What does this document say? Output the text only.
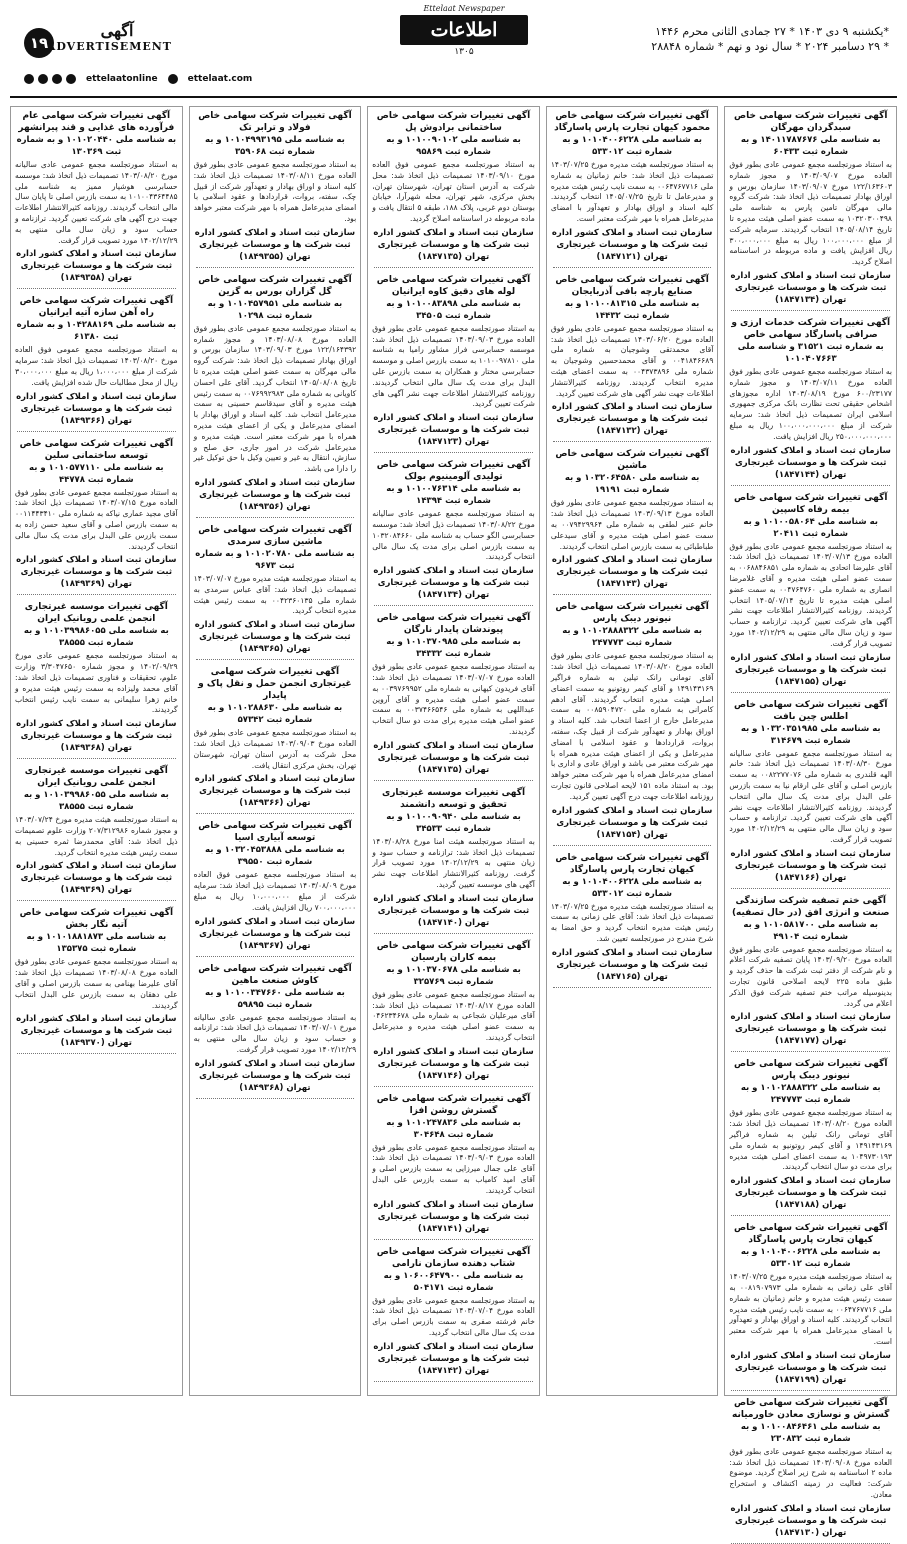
۱۹
آگهی
ADVERTISEMENT
Ettelaat Newspaper
اطلاعات
۱۳۰۵
*یکشنبه ۹ دی ۱۴۰۳ * ۲۷ جمادی الثانی محرم ۱۴۴۶
* ۲۹ دسامبر ۲۰۲۴ * سال نود و نهم * شماره ۲۸۸۴۸
ettelaatonline	ettelaat.com
آگهی تغییرات شرکت سهامی خاص سبدگردان مهرگان
به شناسه ملی ۱۴۰۱۱۷۸۷۶۷۶ و به شماره ثبت ۶۰۴۳۳
به استناد صورتجلسه مجمع عمومی عادی بطور فوق العاده مورخ ۱۴۰۳/۰۹/۰۷ و مجوز شماره ۱۲۲/۱۶۳۶۰۳ مورخ ۱۴۰۳/۰۹/۰۷ سازمان بورس و اوراق بهادار تصمیمات ذیل اتخاذ شد: شرکت گروه مالی مهرگان تامین پارس به شناسه ملی ۱۰۳۲۰۳۰۰۴۹۸ به سمت عضو اصلی هیئت مدیره تا تاریخ ۱۴۰۵/۰۸/۱۴ انتخاب گردیدند. سرمایه شرکت از مبلغ ۱۰۰،۰۰۰،۰۰۰ ریال به مبلغ ۳۰۰،۰۰۰،۰۰۰ ریال افزایش یافت و ماده مربوطه در اساسنامه اصلاح گردید.
سازمان ثبت اسناد و املاک کشور اداره ثبت شرکت ها و موسسات غیرتجاری تهران (۱۸۴۷۱۳۴)
آگهی تغییرات شرکت خدمات ارزی و صرافی پاسارگاد سهامی خاص
به شماره ثبت ۳۱۵۲۱ و شناسه ملی ۱۰۱۰۴۰۷۶۶۳
به استناد صورتجلسه مجمع عمومی عادی بطور فوق العاده مورخ ۱۴۰۳/۰۷/۱۱ و مجوز شماره ۶۰۰/۲۳۱۷۷ مورخ ۱۴۰۳/۰۸/۱۹ اداره مجوزهای اشخاص حقیقی تحت نظارت بانک مرکزی جمهوری اسلامی ایران تصمیمات ذیل اتخاذ شد: سرمایه شرکت از مبلغ ۱۰۰،۰۰۰،۰۰۰،۰۰۰ ریال به مبلغ ۲۵۰،۰۰۰،۰۰۰،۰۰۰ ریال افزایش یافت.
سازمان ثبت اسناد و املاک کشور اداره ثبت شرکت ها و موسسات غیرتجاری تهران (۱۸۴۷۱۴۴)
آگهی تغییرات شرکت سهامی خاص بیمه رفاه کاسپین
به شناسه ملی ۱۰۱۰۰۵۸۰۶۴ و به شماره ثبت ۲۰۴۱۱
به استناد صورتجلسه مجمع عمومی عادی بطور فوق العاده مورخ ۱۴۰۳/۰۷/۱۳ تصمیمات ذیل اتخاذ شد: آقای علیرضا اتحادی به شماره ملی ۰۰۶۸۸۴۶۸۵۱ به سمت عضو اصلی هیئت مدیره و آقای غلامرضا انصاری به شماره ملی ۰۰۴۷۶۴۷۶۰ به سمت عضو اصلی هیئت مدیره تا تاریخ ۱۴۰۵/۰۷/۱۴ انتخاب گردیدند. روزنامه کثیرالانتشار اطلاعات جهت نشر آگهی های شرکت تعیین گردید. ترازنامه و حساب سود و زیان سال مالی منتهی به ۱۴۰۲/۱۲/۲۹ مورد تصویب قرار گرفت.
سازمان ثبت اسناد و املاک کشور اداره ثبت شرکت ها و موسسات غیرتجاری تهران (۱۸۴۷۱۵۵)
آگهی تغییرات شرکت سهامی خاص اطلس چین بافت
به شناسه ملی ۱۰۳۲۰۳۵۱۹۸۵ و به شماره ثبت ۳۱۴۶۷۹
به استناد صورتجلسه مجمع عمومی عادی سالیانه مورخ ۱۴۰۳/۰۸/۳۰ تصمیمات ذیل اتخاذ شد: خانم الهه قلندری به شماره ملی ۰۰۸۲۲۷۷۰۷۶ به سمت بازرس اصلی و آقای علی ارقام نیا به سمت بازرس علی البدل برای مدت یک سال مالی انتخاب گردیدند. روزنامه کثیرالانتشار اطلاعات جهت نشر آگهی های شرکت تعیین گردید. ترازنامه و حساب سود و زیان سال مالی منتهی به ۱۴۰۲/۱۲/۲۹ مورد تصویب قرار گرفت.
سازمان ثبت اسناد و املاک کشور اداره ثبت شرکت ها و موسسات غیرتجاری تهران (۱۸۴۷۱۶۶)
آگهی ختم تصفیه شرکت سازندگی صنعت و انرژی افق (در حال تصفیه)
به شناسه ملی ۱۰۱۰۵۸۱۷۰۰ و به شماره ثبت ۴۹۱۰۴
به استناد صورتجلسه مجمع عمومی عادی بطور فوق العاده مورخ ۱۴۰۳/۰۹/۲۰ پایان تصفیه شرکت اعلام و نام شرکت از دفتر ثبت شرکت ها حذف گردید و طبق ماده ۲۲۵ لایحه اصلاحی قانون تجارت بدینوسیله مراتب ختم تصفیه شرکت فوق الذکر اعلام می گردد.
سازمان ثبت اسناد و املاک کشور اداره ثبت شرکت ها و موسسات غیرتجاری تهران (۱۸۴۷۱۷۷)
آگهی تغییرات شرکت سهامی خاص نیونور دیبک پارس
به شناسه ملی ۱۰۱۰۲۸۸۸۳۲۲ و به شماره ثبت ۲۴۷۷۷۳
به استناد صورتجلسه مجمع عمومی عادی بطور فوق العاده مورخ ۱۴۰۳/۰۸/۲۰ تصمیمات ذیل اتخاذ شد: آقای تومانی رانک تیلین به شماره فراگیر ۱۴۹۱۴۳۱۶۹ و آقای کیمر روتونیو به شماره ملی ۱۰۴۹۷۳۰۱۹۳ به سمت اعضای اصلی هیئت مدیره برای مدت دو سال انتخاب گردیدند.
سازمان ثبت اسناد و املاک کشور اداره ثبت شرکت ها و موسسات غیرتجاری تهران (۱۸۴۷۱۸۸)
آگهی تغییرات شرکت سهامی خاص کیهان تجارت پارس پاسارگاد
به شناسه ملی ۱۰۱۰۴۰۰۶۲۲۸ و به شماره ثبت ۵۳۳۰۱۲
به استناد صورتجلسه هیئت مدیره مورخ ۱۴۰۳/۰۷/۲۵ آقای علی زمانی به شماره ملی ۰۰۸۱۹۰۷۹۷۳ به سمت رئیس هیئت مدیره و خانم زمانیان به شماره ملی ۰۰۶۴۷۶۷۷۱۶ به سمت نایب رئیس هیئت مدیره انتخاب گردیدند. کلیه اسناد و اوراق بهادار و تعهدآور با امضای مدیرعامل همراه با مهر شرکت معتبر است.
سازمان ثبت اسناد و املاک کشور اداره ثبت شرکت ها و موسسات غیرتجاری تهران (۱۸۴۷۱۹۹)
آگهی تغییرات شرکت سهامی خاص گسترش و نوسازی معادن خاورمیانه
به شناسه ملی ۱۰۱۰۰۸۴۶۴۶۱ و به شماره ثبت ۲۳۰۸۳۲
به استناد صورتجلسه مجمع عمومی عادی بطور فوق العاده مورخ ۱۴۰۳/۰۹/۰۸ تصمیمات ذیل اتخاذ شد: ماده ۲ اساسنامه به شرح زیر اصلاح گردید. موضوع شرکت: فعالیت در زمینه اکتشاف و استخراج معادن.
سازمان ثبت اسناد و املاک کشور اداره ثبت شرکت ها و موسسات غیرتجاری تهران (۱۸۴۷۱۳۰)
آگهی تغییرات شرکت سهامی خاص محمود کیهان تجارت پارس پاسارگاد
به شناسه ملی ۱۰۱۰۴۰۰۶۲۲۸ و به شماره ثبت ۵۳۳۰۱۲
به استناد صورتجلسه هیئت مدیره مورخ ۱۴۰۳/۰۷/۲۵ تصمیمات ذیل اتخاذ شد: خانم زمانیان به شماره ملی ۰۰۶۴۷۶۷۷۱۶ به سمت نایب رئیس هیئت مدیره و مدیرعامل تا تاریخ ۱۴۰۵/۰۷/۲۵ انتخاب گردیدند. کلیه اسناد و اوراق بهادار و تعهدآور با امضای مدیرعامل همراه با مهر شرکت معتبر است.
سازمان ثبت اسناد و املاک کشور اداره ثبت شرکت ها و موسسات غیرتجاری تهران (۱۸۴۷۱۲۱)
آگهی تغییرات شرکت سهامی خاص صنایع پارچه بافی آذربایجان
به شناسه ملی ۱۰۱۰۰۸۱۳۱۵ و به شماره ثبت ۱۴۴۳۲
به استناد صورتجلسه مجمع عمومی عادی بطور فوق العاده مورخ ۱۴۰۳/۰۶/۲۰ تصمیمات ذیل اتخاذ شد: آقای محمدتقی وشوجیان به شماره ملی ۰۰۴۱۸۴۶۶۸۹ و آقای محمدحسین وشوجیان به شماره ملی ۰۰۴۳۷۳۸۹۶ به سمت اعضای هیئت مدیره انتخاب گردیدند. روزنامه کثیرالانتشار اطلاعات جهت نشر آگهی های شرکت تعیین گردید.
سازمان ثبت اسناد و املاک کشور اداره ثبت شرکت ها و موسسات غیرتجاری تهران (۱۸۴۷۱۳۲)
آگهی تغییرات شرکت سهامی خاص ماشین
به شناسه ملی ۱۰۳۲۰۶۴۵۸۰ و به شماره ثبت ۱۹۱۹۱
به استناد صورتجلسه مجمع عمومی عادی بطور فوق العاده مورخ ۱۴۰۳/۰۹/۱۳ تصمیمات ذیل اتخاذ شد: خانم عنبر لطفی به شماره ملی ۰۰۷۹۴۲۹۹۶۴ به سمت عضو اصلی هیئت مدیره و آقای سیدعلی طباطبائی به سمت بازرس اصلی انتخاب گردیدند.
سازمان ثبت اسناد و املاک کشور اداره ثبت شرکت ها و موسسات غیرتجاری تهران (۱۸۴۷۱۴۳)
آگهی تغییرات شرکت سهامی خاص نیونور دیبک پارس
به شناسه ملی ۱۰۱۰۲۸۸۸۳۲۲ و به شماره ثبت ۲۴۷۷۷۳
به استناد صورتجلسه مجمع عمومی عادی بطور فوق العاده مورخ ۱۴۰۳/۰۸/۲۰ تصمیمات ذیل اتخاذ شد: آقای تومانی رانک تیلین به شماره فراگیر ۱۴۹۱۴۳۱۶۹ و آقای کیمر روتونیو به سمت اعضای اصلی هیئت مدیره انتخاب گردیدند. آقای ادهم کامرانی به شماره ملی ۰۰۸۵۹۰۴۷۲۰ به سمت مدیرعامل خارج از اعضا انتخاب شد. کلیه اسناد و اوراق بهادار و تعهدآور شرکت از قبیل چک، سفته، بروات، قراردادها و عقود اسلامی با امضای مدیرعامل و یکی از اعضای هیئت مدیره همراه با مهر شرکت معتبر می باشد و اوراق عادی و اداری با امضای مدیرعامل همراه با مهر شرکت معتبر خواهد بود. به استناد ماده ۱۵۱ لایحه اصلاحی قانون تجارت روزنامه اطلاعات جهت درج آگهی تعیین گردید.
سازمان ثبت اسناد و املاک کشور اداره ثبت شرکت ها و موسسات غیرتجاری تهران (۱۸۴۷۱۵۴)
آگهی تغییرات شرکت سهامی خاص کیهان تجارت پارس پاسارگاد
به شناسه ملی ۱۰۱۰۴۰۰۶۲۲۸ و به شماره ثبت ۵۳۳۰۱۲
به استناد صورتجلسه هیئت مدیره مورخ ۱۴۰۳/۰۷/۲۵ تصمیمات ذیل اتخاذ شد: آقای علی زمانی به سمت رئیس هیئت مدیره انتخاب گردید و حق امضا به شرح مندرج در صورتجلسه تعیین شد.
سازمان ثبت اسناد و املاک کشور اداره ثبت شرکت ها و موسسات غیرتجاری تهران (۱۸۴۷۱۶۵)
آگهی تغییرات شرکت سهامی خاص ساختمانی برادوش پل
به شناسه ملی ۱۰۱۰۰۹۰۱۰۲ و به شماره ثبت ۹۵۸۶۹
به استناد صورتجلسه مجمع عمومی فوق العاده مورخ ۱۴۰۳/۰۹/۱۰ تصمیمات ذیل اتخاذ شد: محل شرکت به آدرس استان تهران، شهرستان تهران، بخش مرکزی، شهر تهران، محله شهرآرا، خیابان بوستان دوم غربی، پلاک ۱۸۸، طبقه ۵ انتقال یافت و ماده مربوطه در اساسنامه اصلاح گردید.
سازمان ثبت اسناد و املاک کشور اداره ثبت شرکت ها و موسسات غیرتجاری تهران (۱۸۴۷۱۳۵)
آگهی تغییرات شرکت سهامی خاص لوله های دقیق کاوه ایرانیان
به شناسه ملی ۱۰۱۰۰۸۳۸۹۸ و به شماره ثبت ۳۴۵۰۵
به استناد صورتجلسه مجمع عمومی عادی بطور فوق العاده مورخ ۱۴۰۳/۰۹/۰۳ تصمیمات ذیل اتخاذ شد: موسسه حسابرسی فراز مشاور رامیا به شناسه ملی ۱۰۱۰۰۹۷۸۱۰ به سمت بازرس اصلی و موسسه حسابرسی مختار و همکاران به سمت بازرس علی البدل برای مدت یک سال مالی انتخاب گردیدند. روزنامه کثیرالانتشار اطلاعات جهت نشر آگهی های شرکت تعیین گردید.
سازمان ثبت اسناد و املاک کشور اداره ثبت شرکت ها و موسسات غیرتجاری تهران (۱۸۴۷۱۲۳)
آگهی تغییرات شرکت سهامی خاص تولیدی آلومینیوم بولک
به شناسه ملی ۱۰۱۰۰۷۶۳۱۴ و به شماره ثبت ۱۴۳۹۴
به استناد صورتجلسه مجمع عمومی عادی سالیانه مورخ ۱۴۰۳/۰۸/۲۲ تصمیمات ذیل اتخاذ شد: موسسه حسابرسی الگو حساب به شناسه ملی ۱۰۳۲۰۸۴۶۶۰ به سمت بازرس اصلی برای مدت یک سال مالی انتخاب گردیدند.
سازمان ثبت اسناد و املاک کشور اداره ثبت شرکت ها و موسسات غیرتجاری تهران (۱۸۴۷۱۳۴)
آگهی تغییرات شرکت سهامی خاص پیوندشان پایدار نارگان
به شناسه ملی ۱۰۱۰۳۷۰۹۸۵ و به شماره ثبت ۳۴۳۳۲
به استناد صورتجلسه مجمع عمومی عادی بطور فوق العاده مورخ ۱۴۰۳/۰۷/۰۷ تصمیمات ذیل اتخاذ شد: آقای فریدون کیهانی به شماره ملی ۰۰۳۹۷۶۹۹۵۲ به سمت عضو اصلی هیئت مدیره و آقای آروین عبداللهی به شماره ملی ۰۰۳۷۴۶۶۵۴۶ به سمت عضو اصلی هیئت مدیره برای مدت دو سال انتخاب گردیدند.
سازمان ثبت اسناد و املاک کشور اداره ثبت شرکت ها و موسسات غیرتجاری تهران (۱۸۴۷۱۳۵)
آگهی تغییرات موسسه غیرتجاری تحقیق و توسعه دانشمند
به شناسه ملی ۱۰۱۰۰۹۰۹۴۰ و به شماره ثبت ۳۴۵۳۳
به استناد صورتجلسه هیئت امنا مورخ ۱۴۰۳/۰۸/۲۸ تصمیمات ذیل اتخاذ شد: ترازنامه و حساب سود و زیان منتهی به ۱۴۰۲/۱۲/۲۹ مورد تصویب قرار گرفت. روزنامه کثیرالانتشار اطلاعات جهت نشر آگهی های موسسه تعیین گردید.
سازمان ثبت اسناد و املاک کشور اداره ثبت شرکت ها و موسسات غیرتجاری تهران (۱۸۴۷۱۴۰)
آگهی تغییرات شرکت سهامی خاص بیمه کاران پارسیان
به شناسه ملی ۱۰۱۰۳۷۰۶۷۸ و به شماره ثبت ۳۲۵۷۶۹
به استناد صورتجلسه مجمع عمومی عادی بطور فوق العاده مورخ ۱۴۰۳/۰۸/۱۷ تصمیمات ذیل اتخاذ شد: آقای میرعلیان شجاعی به شماره ملی ۰۴۶۲۳۴۶۷۸ به سمت عضو اصلی هیئت مدیره و مدیرعامل انتخاب گردیدند.
سازمان ثبت اسناد و املاک کشور اداره ثبت شرکت ها و موسسات غیرتجاری تهران (۱۸۴۷۱۴۶)
آگهی تغییرات شرکت سهامی خاص گسترش روشن افزا
به شناسه ملی ۱۰۱۰۲۴۷۸۳۶ و به شماره ثبت ۳۰۴۶۴۸
به استناد صورتجلسه مجمع عمومی عادی بطور فوق العاده مورخ ۱۴۰۳/۰۹/۰۳ تصمیمات ذیل اتخاذ شد: آقای علی جمال میرزایی به سمت بازرس اصلی و آقای امید کامیاب به سمت بازرس علی البدل انتخاب گردیدند.
سازمان ثبت اسناد و املاک کشور اداره ثبت شرکت ها و موسسات غیرتجاری تهران (۱۸۴۷۱۴۱)
آگهی تغییرات شرکت سهامی خاص شتاب دهنده سازمان نارامی
به شناسه ملی ۱۰۶۰۰۶۴۷۹۰۰ و به شماره ثبت ۵۰۴۱۷۱
به استناد صورتجلسه مجمع عمومی عادی بطور فوق العاده مورخ ۱۴۰۳/۰۷/۰۴ تصمیمات ذیل اتخاذ شد: خانم فرشته صفری به سمت بازرس اصلی برای مدت یک سال مالی انتخاب گردید.
سازمان ثبت اسناد و املاک کشور اداره ثبت شرکت ها و موسسات غیرتجاری تهران (۱۸۴۷۱۴۲)
آگهی تغییرات شرکت سهامی خاص فولاد و ترابر تک
به شناسه ملی ۱۰۱۰۴۹۹۳۱۹۵ و به شماره ثبت ۳۵۹۰۶۸
به استناد صورتجلسه مجمع عمومی عادی بطور فوق العاده مورخ ۱۴۰۳/۰۸/۱۱ تصمیمات ذیل اتخاذ شد: کلیه اسناد و اوراق بهادار و تعهدآور شرکت از قبیل چک، سفته، بروات، قراردادها و عقود اسلامی با امضای مدیرعامل همراه با مهر شرکت معتبر خواهد بود.
سازمان ثبت اسناد و املاک کشور اداره ثبت شرکت ها و موسسات غیرتجاری تهران (۱۸۴۹۳۵۵)
آگهی تغییرات شرکت سهامی خاص گل گزاران بورس به گزین
به شناسه ملی ۱۰۱۰۴۵۷۹۵۱ و به شماره ثبت ۱۰۲۹۸
به استناد صورتجلسه مجمع عمومی عادی بطور فوق العاده مورخ ۱۴۰۳/۰۸/۰۸ و مجوز شماره ۱۲۲/۱۶۴۳۹۲ مورخ ۱۴۰۳/۰۹/۰۳ سازمان بورس و اوراق بهادار تصمیمات ذیل اتخاذ شد: شرکت گروه مالی مهرگان به سمت عضو اصلی هیئت مدیره تا تاریخ ۱۴۰۵/۰۸/۰۸ انتخاب گردید. آقای علی احسان کاویانی به شماره ملی ۰۰۷۶۹۹۲۹۸۳ به سمت رئیس هیئت مدیره و آقای سیدقاسم حسینی به سمت مدیرعامل انتخاب شد. کلیه اسناد و اوراق بهادار با امضای مدیرعامل و یکی از اعضای هیئت مدیره همراه با مهر شرکت معتبر است. هیئت مدیره و مدیرعامل شرکت در امور جاری، حق صلح و سازش، انتقال به غیر و تعیین وکیل با حق توکیل غیر را دارا می باشد.
سازمان ثبت اسناد و املاک کشور اداره ثبت شرکت ها و موسسات غیرتجاری تهران (۱۸۴۹۳۵۶)
آگهی تغییرات شرکت سهامی خاص ماشین سازی سرمدی
به شناسه ملی ۱۰۱۰۲۰۷۸۰ و به شماره ثبت ۹۶۷۳
به استناد صورتجلسه هیئت مدیره مورخ ۱۴۰۳/۰۷/۰۷ تصمیمات ذیل اتخاذ شد: آقای عباس سرمدی به شماره ملی ۰۰۴۲۳۶۰۱۳۵ به سمت رئیس هیئت مدیره انتخاب گردید.
سازمان ثبت اسناد و املاک کشور اداره ثبت شرکت ها و موسسات غیرتجاری تهران (۱۸۴۹۳۶۵)
آگهی تغییرات شرکت سهامی غیرتجاری انجمن حمل و نقل پاک و پایدار
به شناسه ملی ۱۰۱۰۲۸۸۶۳۰ و به شماره ثبت ۵۷۳۴۲
به استناد صورتجلسه مجمع عمومی عادی بطور فوق العاده مورخ ۱۴۰۳/۰۹/۰۳ تصمیمات ذیل اتخاذ شد: محل شرکت به آدرس استان تهران، شهرستان تهران، بخش مرکزی انتقال یافت.
سازمان ثبت اسناد و املاک کشور اداره ثبت شرکت ها و موسسات غیرتجاری تهران (۱۸۴۹۳۶۶)
آگهی تغییرات شرکت سهامی خاص توسعه آبیاری اسیا
به شناسه ملی ۱۰۳۲۰۴۵۳۸۸۸ و به شماره ثبت ۳۹۵۵۰
به استناد صورتجلسه مجمع عمومی فوق العاده مورخ ۱۴۰۳/۰۸/۰۹ تصمیمات ذیل اتخاذ شد: سرمایه شرکت از مبلغ ۱۰،۰۰۰،۰۰۰ ریال به مبلغ ۷۰۰،۰۰۰،۰۰۰ ریال افزایش یافت.
سازمان ثبت اسناد و املاک کشور اداره ثبت شرکت ها و موسسات غیرتجاری تهران (۱۸۴۹۳۶۷)
آگهی تغییرات شرکت سهامی خاص کاوش صنعت ماهین
به شناسه ملی ۱۰۱۰۰۳۴۷۶۶۰ و به شماره ثبت ۵۹۸۹۵
به استناد صورتجلسه مجمع عمومی عادی سالیانه مورخ ۱۴۰۳/۰۷/۰۱ تصمیمات ذیل اتخاذ شد: ترازنامه و حساب سود و زیان سال مالی منتهی به ۱۴۰۲/۱۲/۲۹ مورد تصویب قرار گرفت.
سازمان ثبت اسناد و املاک کشور اداره ثبت شرکت ها و موسسات غیرتجاری تهران (۱۸۴۹۳۶۸)
آگهی تغییرات شرکت سهامی عام فرآورده های غذایی و قند پیرانشهر
به شناسه ملی ۱۰۱۰۲۰۴۴۰ و به شماره ثبت ۱۳۰۳۶۹
به استناد صورتجلسه مجمع عمومی عادی سالیانه مورخ ۱۴۰۳/۰۸/۲۰ تصمیمات ذیل اتخاذ شد: موسسه حسابرسی هوشیار ممیز به شناسه ملی ۱۰۱۰۰۴۳۶۴۴۸۵ به سمت بازرس اصلی تا پایان سال مالی انتخاب گردیدند. روزنامه کثیرالانتشار اطلاعات جهت درج آگهی های شرکت تعیین گردید. ترازنامه و حساب سود و زیان سال مالی منتهی به ۱۴۰۲/۱۲/۲۹ مورد تصویب قرار گرفت.
سازمان ثبت اسناد و املاک کشور اداره ثبت شرکت ها و موسسات غیرتجاری تهران (۱۸۴۹۳۵۸)
آگهی تغییرات شرکت سهامی خاص راه آهن سازه آتیه ایرانیان
به شناسه ملی ۱۰۴۲۸۸۱۶۹ و به شماره ثبت ۶۱۳۸۰
به استناد صورتجلسه مجمع عمومی فوق العاده مورخ ۱۴۰۳/۰۸/۲۰ تصمیمات ذیل اتخاذ شد: سرمایه شرکت از مبلغ ۱،۰۰۰،۰۰۰ ریال به مبلغ ۳۰،۰۰۰،۰۰۰ ریال از محل مطالبات حال شده افزایش یافت.
سازمان ثبت اسناد و املاک کشور اداره ثبت شرکت ها و موسسات غیرتجاری تهران (۱۸۴۹۳۶۶)
آگهی تغییرات شرکت سهامی خاص توسعه ساختمانی سلین
به شناسه ملی ۱۰۱۰۵۷۷۱۱۰ و به شماره ثبت ۴۴۷۷۸
به استناد صورتجلسه مجمع عمومی عادی بطور فوق العاده مورخ ۱۴۰۳/۰۷/۱۵ تصمیمات ذیل اتخاذ شد: آقای مجید عماری نیاکه به شماره ملی ۰۰۱۱۴۴۳۴۱۰ به سمت بازرس اصلی و آقای سعید حسن زاده به سمت بازرس علی البدل برای مدت یک سال مالی انتخاب گردیدند.
سازمان ثبت اسناد و املاک کشور اداره ثبت شرکت ها و موسسات غیرتجاری تهران (۱۸۴۹۳۶۹)
آگهی تغییرات موسسه غیرتجاری انجمن علمی رویانیک ایران
به شناسه ملی ۱۰۱۰۳۹۹۸۶۰۵۵ و به شماره ثبت ۳۸۵۵۵
به استناد صورتجلسه مجمع عمومی عادی مورخ ۱۴۰۲/۰۹/۲۹ و مجوز شماره ۳/۳۰۴۷۶۵۰ وزارت علوم، تحقیقات و فناوری تصمیمات ذیل اتخاذ شد: آقای محمد ولیزاده به سمت رئیس هیئت مدیره و خانم زهرا سلیمانی به سمت نایب رئیس انتخاب گردیدند.
سازمان ثبت اسناد و املاک کشور اداره ثبت شرکت ها و موسسات غیرتجاری تهران (۱۸۴۹۳۶۸)
آگهی تغییرات موسسه غیرتجاری انجمن علمی رویانیک ایران
به شناسه ملی ۱۰۱۰۳۹۹۸۶۰۵۵ و به شماره ثبت ۳۸۵۵۵
به استناد صورتجلسه هیئت مدیره مورخ ۱۴۰۳/۰۷/۲۴ و مجوز شماره ۲۰۷/۳۱۲۹۸۶ وزارت علوم تصمیمات ذیل اتخاذ شد: آقای محمدرضا ثمره حسینی به سمت رئیس هیئت مدیره انتخاب گردید.
سازمان ثبت اسناد و املاک کشور اداره ثبت شرکت ها و موسسات غیرتجاری تهران (۱۸۴۹۳۶۹)
آگهی تغییرات شرکت سهامی خاص آتیه نگار بخش
به شناسه ملی ۱۰۱۰۱۸۸۱۸۷۳ و به شماره ثبت ۱۳۵۳۷۵
به استناد صورتجلسه مجمع عمومی عادی بطور فوق العاده مورخ ۱۴۰۳/۰۸/۰۸ تصمیمات ذیل اتخاذ شد: آقای علیرضا بهنامی به سمت بازرس اصلی و آقای علی دهقان به سمت بازرس علی البدل انتخاب گردیدند.
سازمان ثبت اسناد و املاک کشور اداره ثبت شرکت ها و موسسات غیرتجاری تهران (۱۸۴۹۳۷۰)
